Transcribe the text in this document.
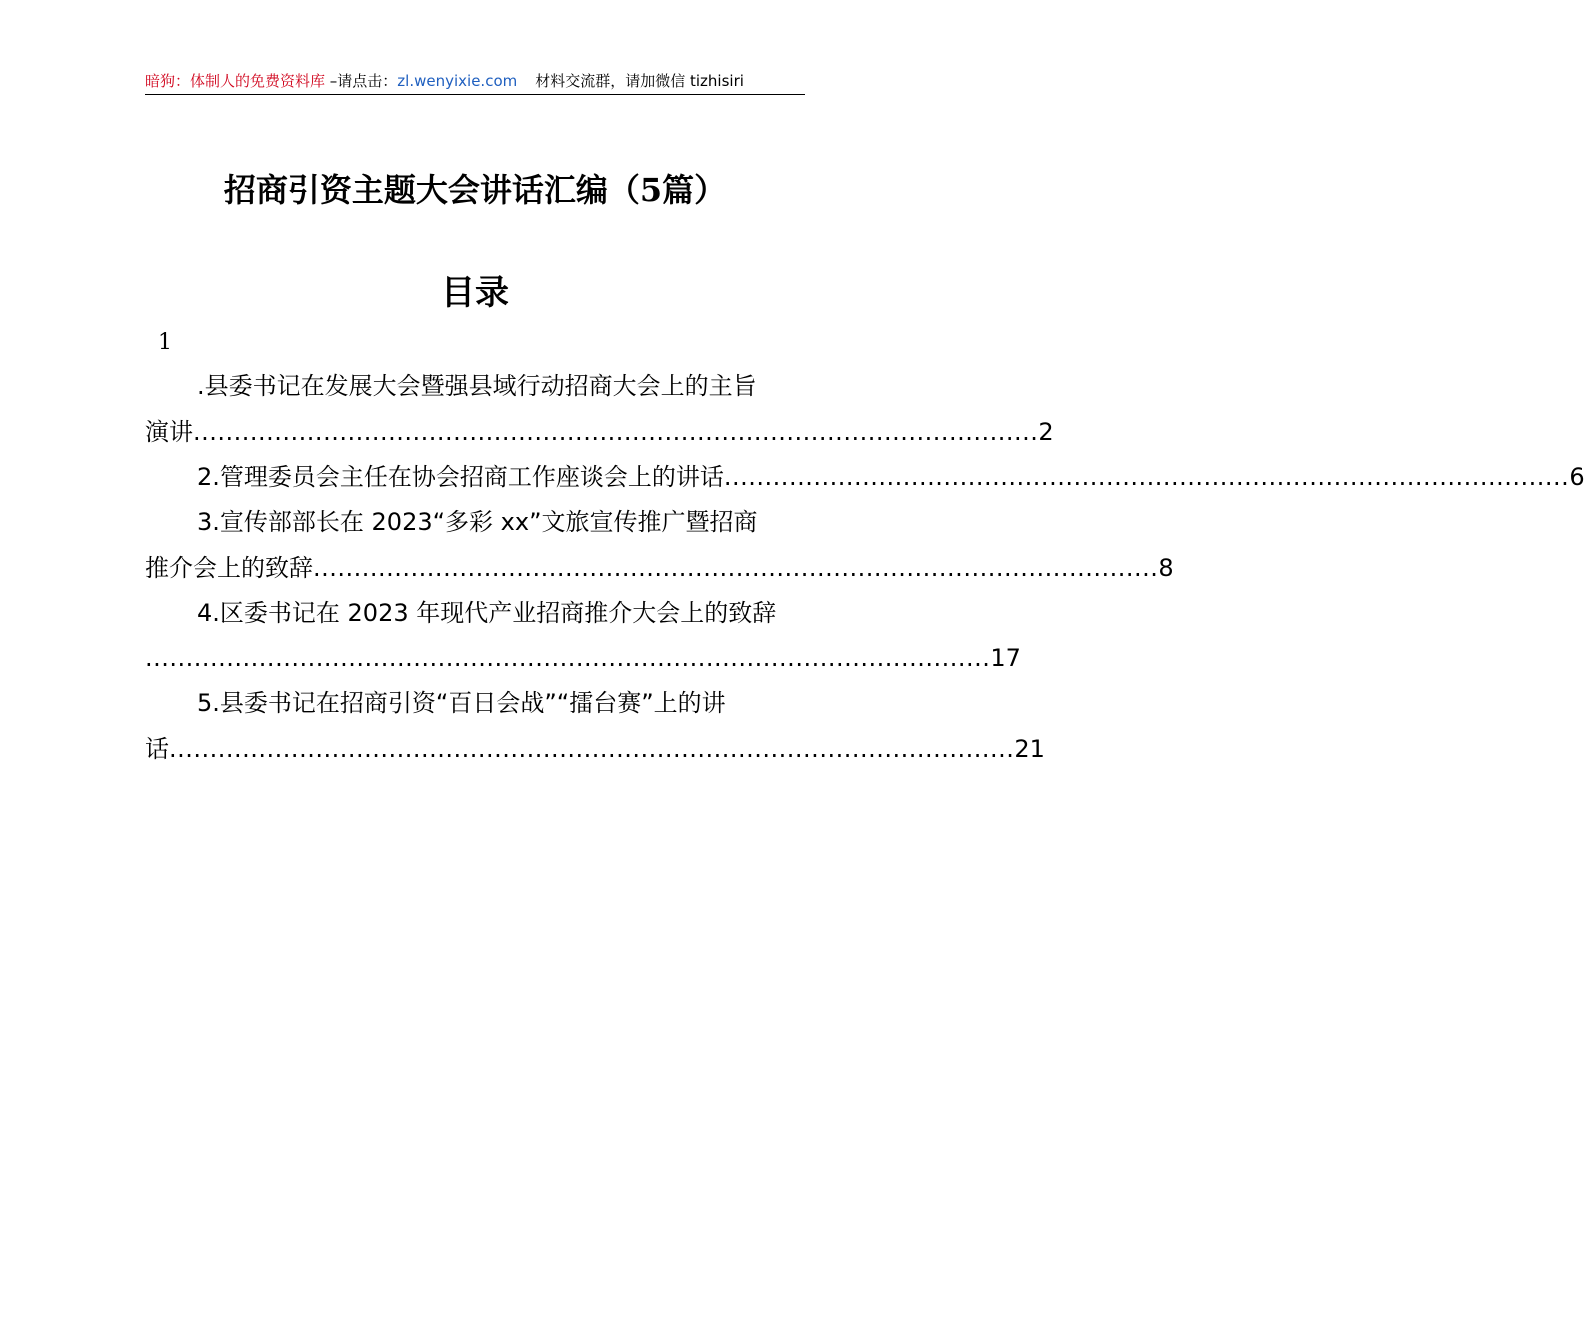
暗狗：体制人的免费资料库 –请点击：zl.wenyixie.com 材料交流群，请加微信 tizhisiri
招商引资主题大会讲话汇编（5篇）
目录
1
.县委书记在发展大会暨强县域行动招商大会上的主旨
演讲 ........................................................................................................ 2
2.管理委员会主任在协会招商工作座谈会上的讲话 ........................................................................................................ 6
3.宣传部部长在 2023“多彩 xx”文旅宣传推广暨招商
推介会上的致辞 ........................................................................................................ 8
4.区委书记在 2023 年现代产业招商推介大会上的致辞
........................................................................................................ 17
5.县委书记在招商引资“百日会战”“擂台赛”上的讲
话 ........................................................................................................ 21
